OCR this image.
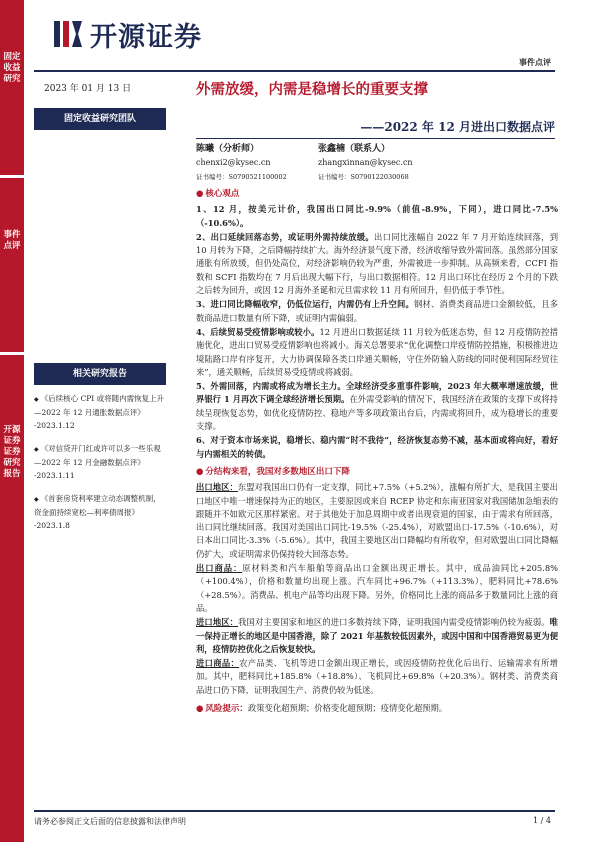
固定收益研究
事件点评
开源证券 证券研究报告
开源证券
事件点评
2023 年 01 月 13 日
固定收益研究团队
外需放缓，内需是稳增长的重要支撑
——2022 年 12 月进出口数据点评
陈曦（分析师）
chenxi2@kysec.cn
证书编号：S0790521100002
张鑫楠（联系人）
zhangxinnan@kysec.cn
证书编号：S0790122030068
相关研究报告
◆ 《后续核心 CPI 或将随内需恢复上升 —2022 年 12 月通胀数据点评》
-2023.1.12
◆ 《对信贷开门红或许可以多一些乐观 —2022 年 12 月金融数据点评》
-2023.1.11
◆ 《首套房贷利率建立动态调整机制，资金面持续宽松—利率债周报》
-2023.1.8
● 核心观点

1、12 月，按美元计价，我国出口同比-9.9%（前值-8.9%，下同），进口同比-7.5%（-10.6%）。

2、出口延续回落态势，或证明外需持续放缓。出口同比涨幅自 2022 年 7 月开始连续回落，到 10 月转为下降，之后降幅持续扩大。海外经济景气度下滑，经济收缩导致外需回落。虽然部分国家通胀有所放缓，但仍处高位，对经济影响仍较为严重，外需被进一步抑制。从高频来看，CCFI 指数和 SCFI 指数均在 7 月后出现大幅下行，与出口数据相符。12 月出口环比在经历 2 个月的下跌之后转为回升，或因 12 月海外圣诞和元旦需求较 11 月有所回升，但仍低于季节性。

3、进口同比降幅收窄，仍低位运行，内需仍有上升空间。钢材、消费类商品进口金额较低，且多数商品进口数量有所下降，或证明内需偏弱。

4、后续贸易受疫情影响或较小。12 月进出口数据延续 11 月较为低迷态势，但 12 月疫情防控措施优化，进出口贸易受疫情影响也将减小。海关总署要求“优化调整口岸疫情防控措施，积极推进边境陆路口岸有序复开，大力协调保障各类口岸通关顺畅，守住外防输入防线的同时便利国际经贸往来”，通关顺畅，后续贸易受疫情或将减弱。

5、外需回落，内需或将成为增长主力。全球经济受多重事件影响，2023 年大概率增速放缓，世界银行 1 月再次下调全球经济增长预期。在外需受影响的情况下，我国经济在政策的支撑下或将持续呈现恢复态势，如优化疫情防控、稳地产等多项政策出台后，内需或将回升，成为稳增长的重要支撑。

6、对于资本市场来说，稳增长、稳内需“时不我待”，经济恢复态势不减，基本面或将向好，看好与内需相关的转债。

● 分结构来看，我国对多数地区出口下降

出口地区：东盟对我国出口仍有一定支撑，同比+7.5%（+5.2%），涨幅有所扩大，是我国主要出口地区中唯一增速保持为正的地区，主要原因或来自 RCEP 协定和东南亚国家对我国储加急缩表的跟随并不如欧元区那样紧密。对于其他处于加息周期中或者出现衰退的国家，由于需求有所回落，出口同比继续回落。我国对美国出口同比-19.5%（-25.4%），对欧盟出口-17.5%（-10.6%），对日本出口同比-3.3%（-5.6%）。其中，我国主要地区出口降幅均有所收窄，但对欧盟出口同比降幅仍扩大，或证明需求仍保持较大回落态势。

出口商品：原材料类和汽车船舶等商品出口金额出现正增长。其中，成品油同比+205.8%（+100.4%），价格和数量均出现上涨。汽车同比+96.7%（+113.3%），肥料同比+78.6%（+28.5%）。消费品、机电产品等均出现下降。另外，价格同比上涨的商品多于数量同比上涨的商品。

进口地区：我国对主要国家和地区的进口多数持续下降，证明我国内需受疫情影响仍较为疲弱。唯一保持正增长的地区是中国香港，除了 2021 年基数较低因素外，或因中国和中国香港贸易更为便利，疫情防控优化之后恢复较快。

进口商品：农产品类、飞机等进口金额出现正增长，或因疫情防控优化后出行、运输需求有所增加。其中，肥料同比+185.8%（+18.8%）、飞机同比+69.8%（+20.3%）。钢材类、消费类商品进口仍下降，证明我国生产、消费仍较为低迷。

● 风险提示：政策变化超预期；价格变化超预期；疫情变化超预期。

请务必参阅正文后面的信息披露和法律声明	1 / 4
